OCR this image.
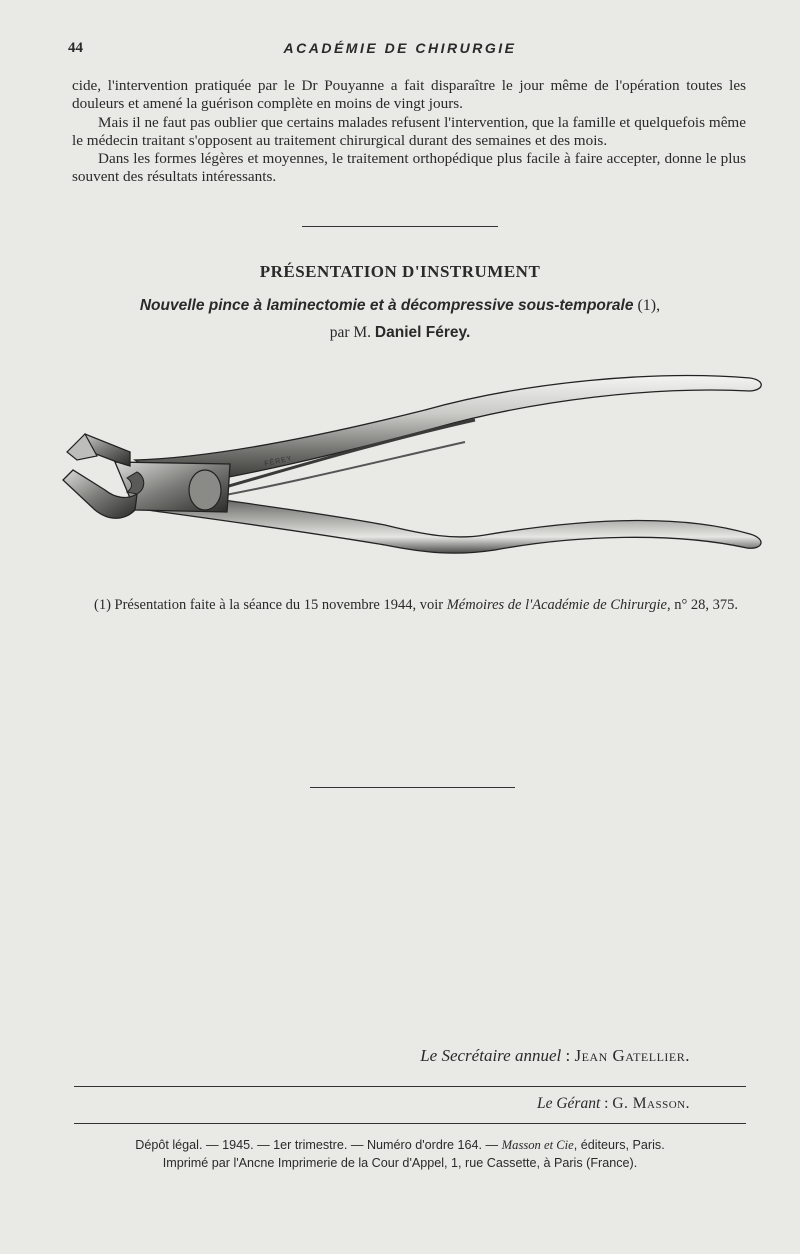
44	ACADÉMIE DE CHIRURGIE

cide, l'intervention pratiquée par le Dr Pouyanne a fait disparaître le jour même de l'opération toutes les douleurs et amené la guérison complète en moins de vingt jours.

Mais il ne faut pas oublier que certains malades refusent l'intervention, que la famille et quelquefois même le médecin traitant s'opposent au traitement chirurgical durant des semaines et des mois.

Dans les formes légères et moyennes, le traitement orthopédique plus facile à faire accepter, donne le plus souvent des résultats intéressants.

PRÉSENTATION D'INSTRUMENT
Nouvelle pince à laminectomie et à décompressive sous-temporale (1),
par M. Daniel Férey.
FÉREY
(1) Présentation faite à la séance du 15 novembre 1944, voir Mémoires de l'Académie de Chirurgie, n° 28, 375.
Le Secrétaire annuel : Jean Gatellier.
Le Gérant : G. Masson.
Dépôt légal. — 1945. — 1er trimestre. — Numéro d'ordre 164. — Masson et Cie, éditeurs, Paris.
Imprimé par l'Ancne Imprimerie de la Cour d'Appel, 1, rue Cassette, à Paris (France).
